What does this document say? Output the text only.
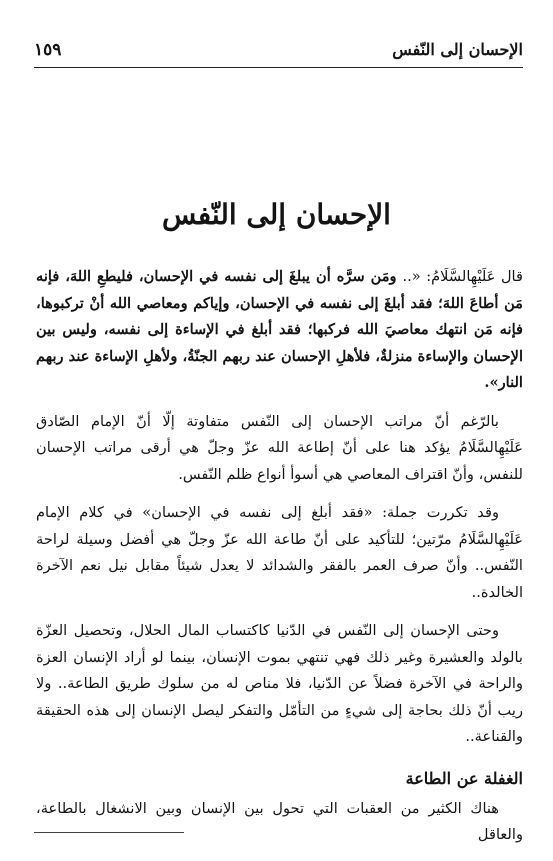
الإحسان إلى النّفس
١٥٩
الإحسان إلى النّفس

قال عَلَيْهِالسَّلَامُ: «.. ومَن سرَّه أن يبلغَ إلى نفسه في الإحسان، فليطعِ اللهَ، فإنه مَن أطاعَ اللهَ؛ فقد أبلغَ إلى نفسه في الإحسان، وإياكم ومعاصي الله أنْ تركبوها، فإنه مَن انتهك معاصيَ الله فركبها؛ فقد أبلغ في الإساءة إلى نفسه، وليس بين الإحسان والإساءة منزلةٌ، فلأهلِ الإحسان عند ربهم الجنّةُ، ولأهلِ الإساءة عند ربهم النار».

بالرّغم أنّ مراتب الإحسان إلى النّفس متفاوتة إلّا أنّ الإمام الصّادق عَلَيْهِالسَّلَامُ يؤكد هنا على أنّ إطاعة الله عزّ وجلّ هي أرقى مراتب الإحسان للنفس، وأنّ اقتراف المعاصي هي أسوأ أنواع ظلم النّفس.

وقد تكررت جملة: «فقد أبلغ إلى نفسه في الإحسان» في كلام الإمام عَلَيْهِالسَّلَامُ مرّتين؛ للتأكيد على أنّ طاعة الله عزّ وجلّ هي أفضل وسيلة لراحة النّفس.. وأنّ صرف العمر بالفقر والشدائد لا يعدل شيئاً مقابل نيل نعم الآخرة الخالدة..

وحتى الإحسان إلى النّفس في الدّنيا كاكتساب المال الحلال، وتحصيل العزّة بالولد والعشيرة وغير ذلك فهي تنتهي بموت الإنسان، بينما لو أراد الإنسان العزة والراحة في الآخرة فضلاً عن الدّنيا، فلا مناص له من سلوك طريق الطاعة.. ولا ريب أنّ ذلك بحاجة إلى شيءٍ من التأمّل والتفكر ليصل الإنسان إلى هذه الحقيقة والقناعة..

الغفلة عن الطاعة

هناك الكثير من العقبات التي تحول بين الإنسان وبين الانشغال بالطاعة، والعاقل
